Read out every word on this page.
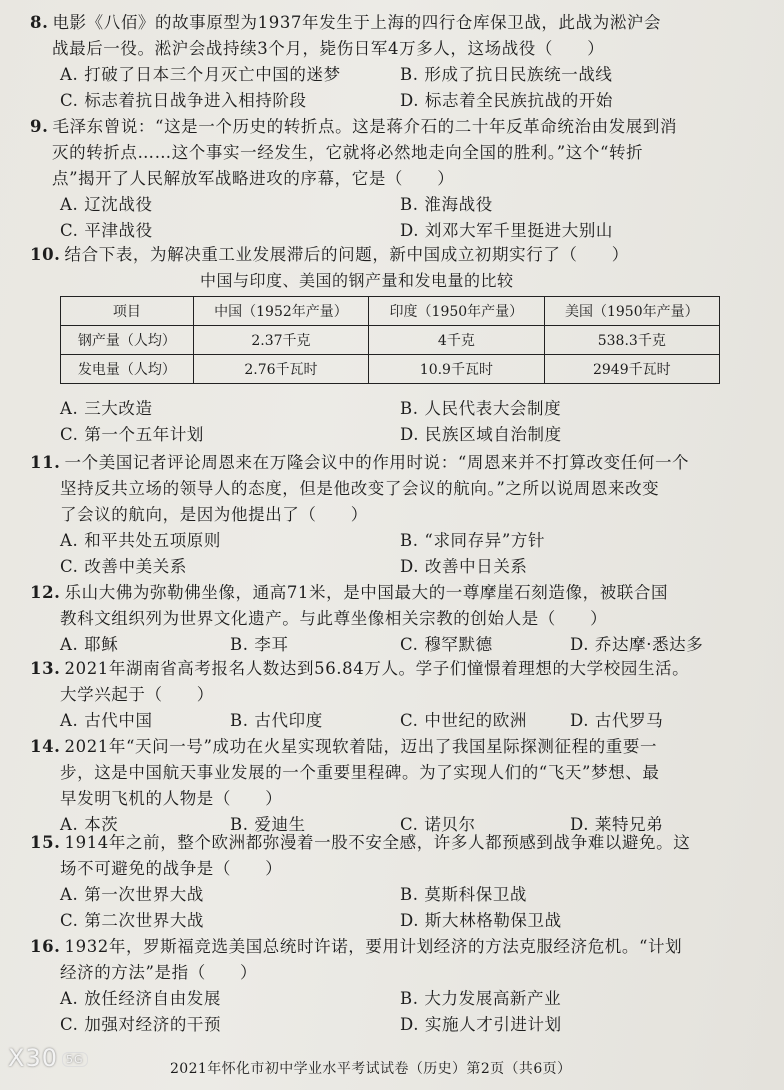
8. 电影《八佰》的故事原型为1937年发生于上海的四行仓库保卫战，此战为淞沪会

战最后一役。淞沪会战持续3个月，毙伤日军4万多人，这场战役（　　）

A. 打破了日本三个月灭亡中国的迷梦	B. 形成了抗日民族统一战线
C. 标志着抗日战争进入相持阶段	D. 标志着全民族抗战的开始

9. 毛泽东曾说：“这是一个历史的转折点。这是蒋介石的二十年反革命统治由发展到消

灭的转折点……这个事实一经发生，它就将必然地走向全国的胜利。”这个“转折

点”揭开了人民解放军战略进攻的序幕，它是（　　）

A. 辽沈战役	B. 淮海战役
C. 平津战役	D. 刘邓大军千里挺进大别山

10. 结合下表，为解决重工业发展滞后的问题，新中国成立初期实行了（　　）

中国与印度、美国的钢产量和发电量的比较
项目	中国（1952年产量）	印度（1950年产量）	美国（1950年产量）
钢产量（人均）	2.37千克	4千克	538.3千克
发电量（人均）	2.76千瓦时	10.9千瓦时	2949千瓦时
A. 三大改造	B. 人民代表大会制度
C. 第一个五年计划	D. 民族区域自治制度

11. 一个美国记者评论周恩来在万隆会议中的作用时说：“周恩来并不打算改变任何一个

坚持反共立场的领导人的态度，但是他改变了会议的航向。”之所以说周恩来改变

了会议的航向，是因为他提出了（　　）

A. 和平共处五项原则	B. “求同存异”方针
C. 改善中美关系	D. 改善中日关系

12. 乐山大佛为弥勒佛坐像，通高71米，是中国最大的一尊摩崖石刻造像，被联合国

教科文组织列为世界文化遗产。与此尊坐像相关宗教的创始人是（　　）

A. 耶稣	B. 李耳	C. 穆罕默德	D. 乔达摩·悉达多

13. 2021年湖南省高考报名人数达到56.84万人。学子们憧憬着理想的大学校园生活。

大学兴起于（　　）

A. 古代中国	B. 古代印度	C. 中世纪的欧洲	D. 古代罗马

14. 2021年“天问一号”成功在火星实现软着陆，迈出了我国星际探测征程的重要一

步，这是中国航天事业发展的一个重要里程碑。为了实现人们的“飞天”梦想、最

早发明飞机的人物是（　　）

A. 本茨	B. 爱迪生	C. 诺贝尔	D. 莱特兄弟

15. 1914年之前，整个欧洲都弥漫着一股不安全感，许多人都预感到战争难以避免。这

场不可避免的战争是（　　）

A. 第一次世界大战	B. 莫斯科保卫战
C. 第二次世界大战	D. 斯大林格勒保卫战

16. 1932年，罗斯福竞选美国总统时许诺，要用计划经济的方法克服经济危机。“计划

经济的方法”是指（　　）

A. 放任经济自由发展	B. 大力发展高新产业
C. 加强对经济的干预	D. 实施人才引进计划
X30 5G
2021年怀化市初中学业水平考试试卷（历史）第2页（共6页）
